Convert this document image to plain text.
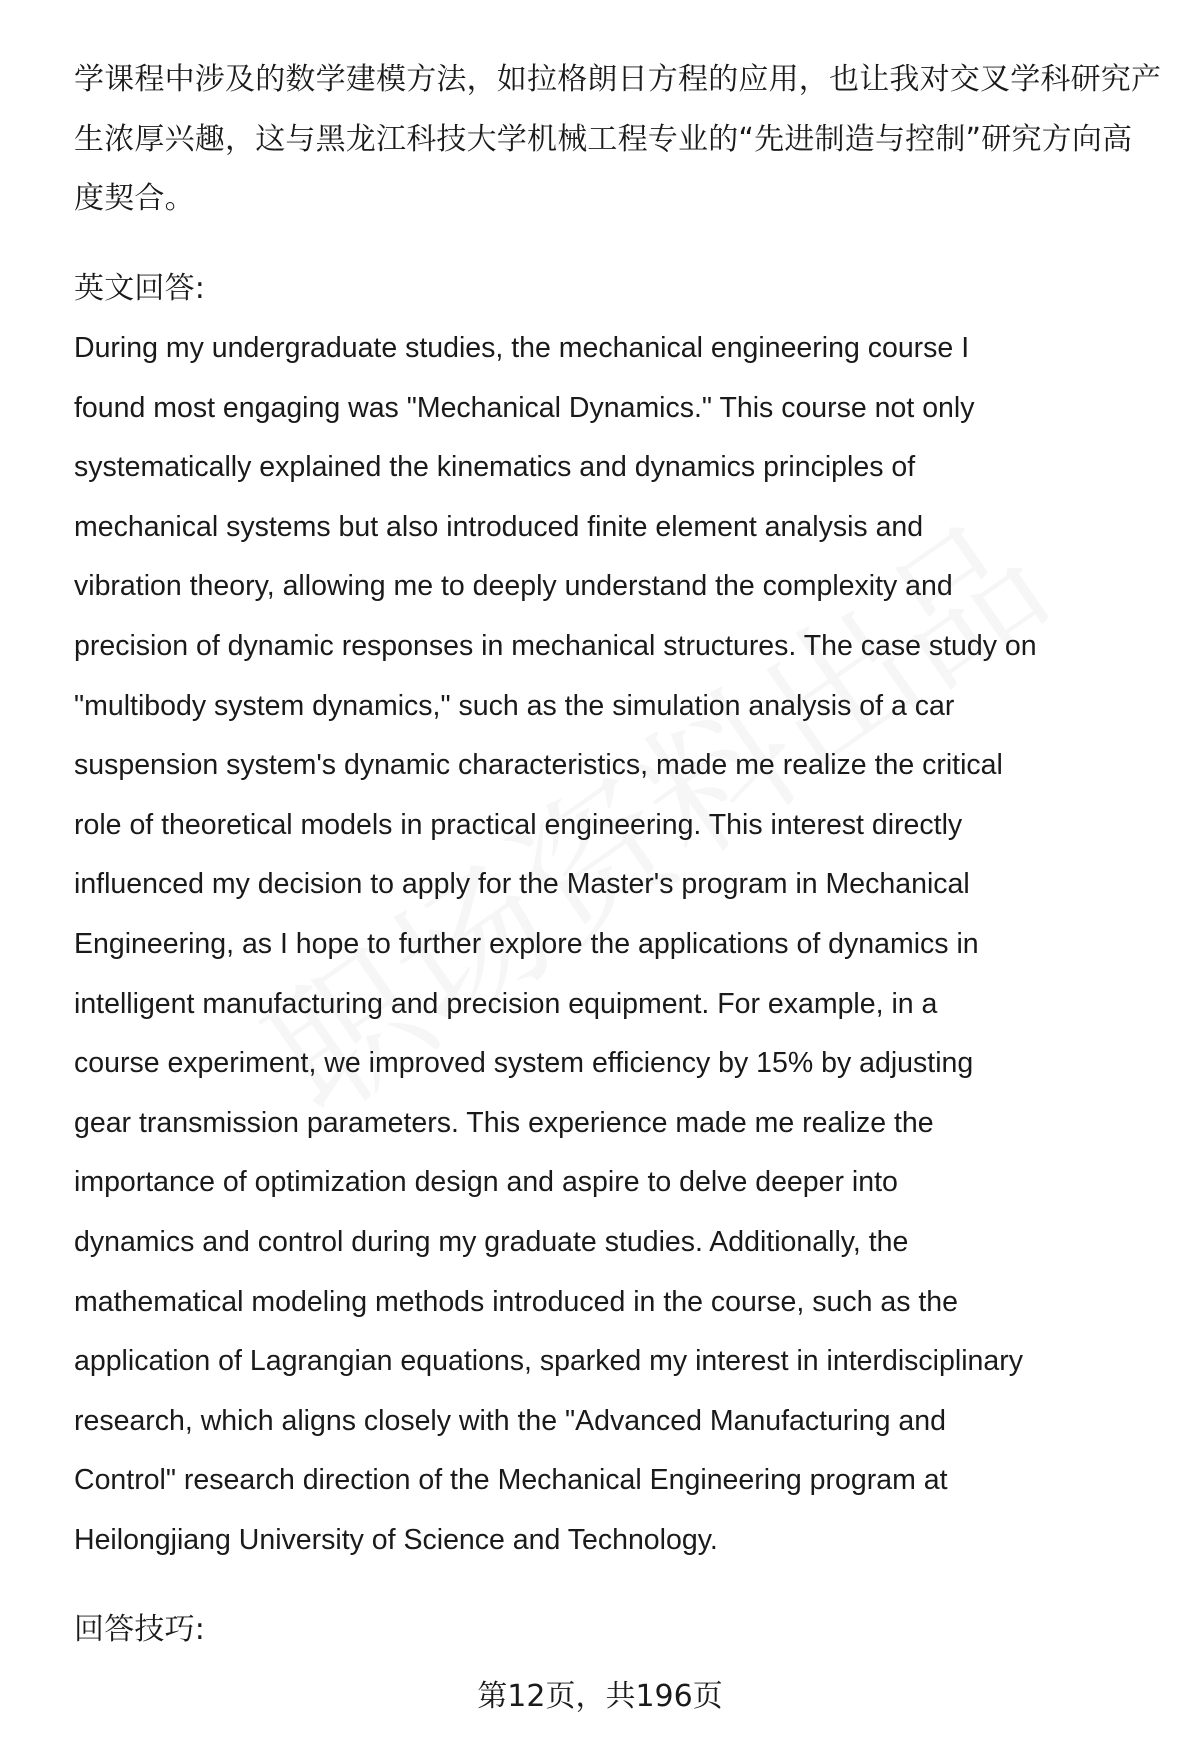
学课程中涉及的数学建模方法，如拉格朗日方程的应用，也让我对交叉学科研究产
生浓厚兴趣，这与黑龙江科技大学机械工程专业的“先进制造与控制”研究方向高
度契合。
英文回答:
During my undergraduate studies, the mechanical engineering course I
found most engaging was "Mechanical Dynamics." This course not only
systematically explained the kinematics and dynamics principles of
mechanical systems but also introduced finite element analysis and
vibration theory, allowing me to deeply understand the complexity and
precision of dynamic responses in mechanical structures. The case study on
"multibody system dynamics," such as the simulation analysis of a car
suspension system's dynamic characteristics, made me realize the critical
role of theoretical models in practical engineering. This interest directly
influenced my decision to apply for the Master's program in Mechanical
Engineering, as I hope to further explore the applications of dynamics in
intelligent manufacturing and precision equipment. For example, in a
course experiment, we improved system efficiency by 15% by adjusting
gear transmission parameters. This experience made me realize the
importance of optimization design and aspire to delve deeper into
dynamics and control during my graduate studies. Additionally, the
mathematical modeling methods introduced in the course, such as the
application of Lagrangian equations, sparked my interest in interdisciplinary
research, which aligns closely with the "Advanced Manufacturing and
Control" research direction of the Mechanical Engineering program at
Heilongjiang University of Science and Technology.
回答技巧:
第12页，共196页
